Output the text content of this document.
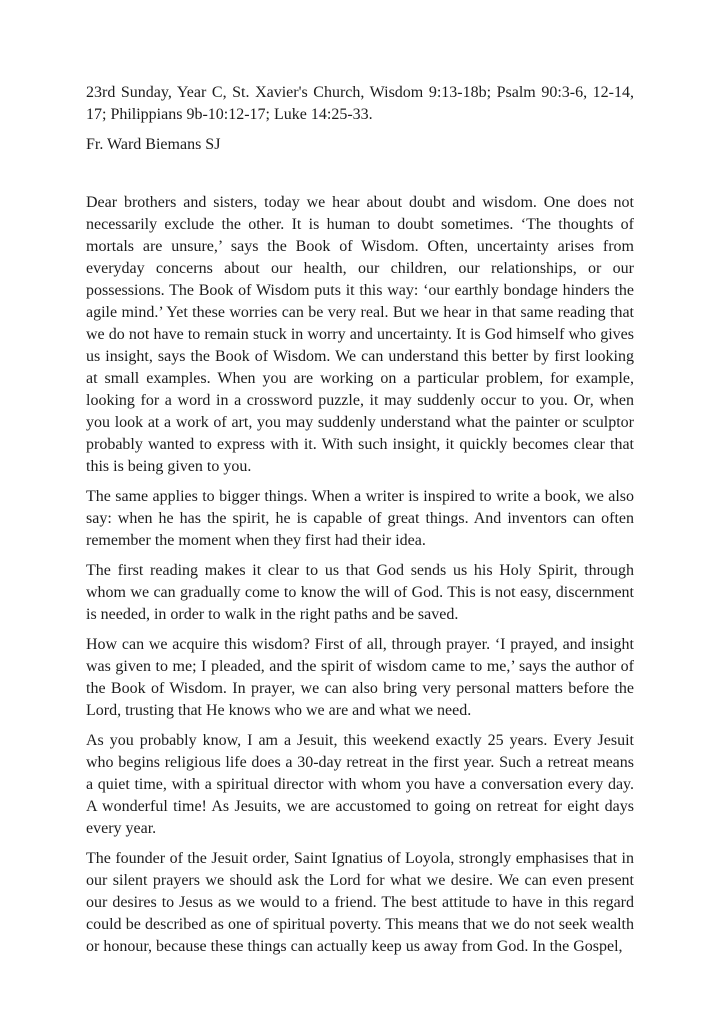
23rd Sunday, Year C, St. Xavier's Church, Wisdom 9:13-18b; Psalm 90:3-6, 12-14, 17; Philippians 9b-10:12-17; Luke 14:25-33.

Fr. Ward Biemans SJ

Dear brothers and sisters, today we hear about doubt and wisdom. One does not necessarily exclude the other. It is human to doubt sometimes. ‘The thoughts of mortals are unsure,’ says the Book of Wisdom. Often, uncertainty arises from everyday concerns about our health, our children, our relationships, or our possessions. The Book of Wisdom puts it this way: ‘our earthly bondage hinders the agile mind.’ Yet these worries can be very real. But we hear in that same reading that we do not have to remain stuck in worry and uncertainty. It is God himself who gives us insight, says the Book of Wisdom. We can understand this better by first looking at small examples. When you are working on a particular problem, for example, looking for a word in a crossword puzzle, it may suddenly occur to you. Or, when you look at a work of art, you may suddenly understand what the painter or sculptor probably wanted to express with it. With such insight, it quickly becomes clear that this is being given to you.

The same applies to bigger things. When a writer is inspired to write a book, we also say: when he has the spirit, he is capable of great things. And inventors can often remember the moment when they first had their idea.

The first reading makes it clear to us that God sends us his Holy Spirit, through whom we can gradually come to know the will of God. This is not easy, discernment is needed, in order to walk in the right paths and be saved.

How can we acquire this wisdom? First of all, through prayer. ‘I prayed, and insight was given to me; I pleaded, and the spirit of wisdom came to me,’ says the author of the Book of Wisdom. In prayer, we can also bring very personal matters before the Lord, trusting that He knows who we are and what we need.

As you probably know, I am a Jesuit, this weekend exactly 25 years. Every Jesuit who begins religious life does a 30-day retreat in the first year. Such a retreat means a quiet time, with a spiritual director with whom you have a conversation every day. A wonderful time! As Jesuits, we are accustomed to going on retreat for eight days every year.

The founder of the Jesuit order, Saint Ignatius of Loyola, strongly emphasises that in our silent prayers we should ask the Lord for what we desire. We can even present our desires to Jesus as we would to a friend. The best attitude to have in this regard could be described as one of spiritual poverty. This means that we do not seek wealth or honour, because these things can actually keep us away from God. In the Gospel,
